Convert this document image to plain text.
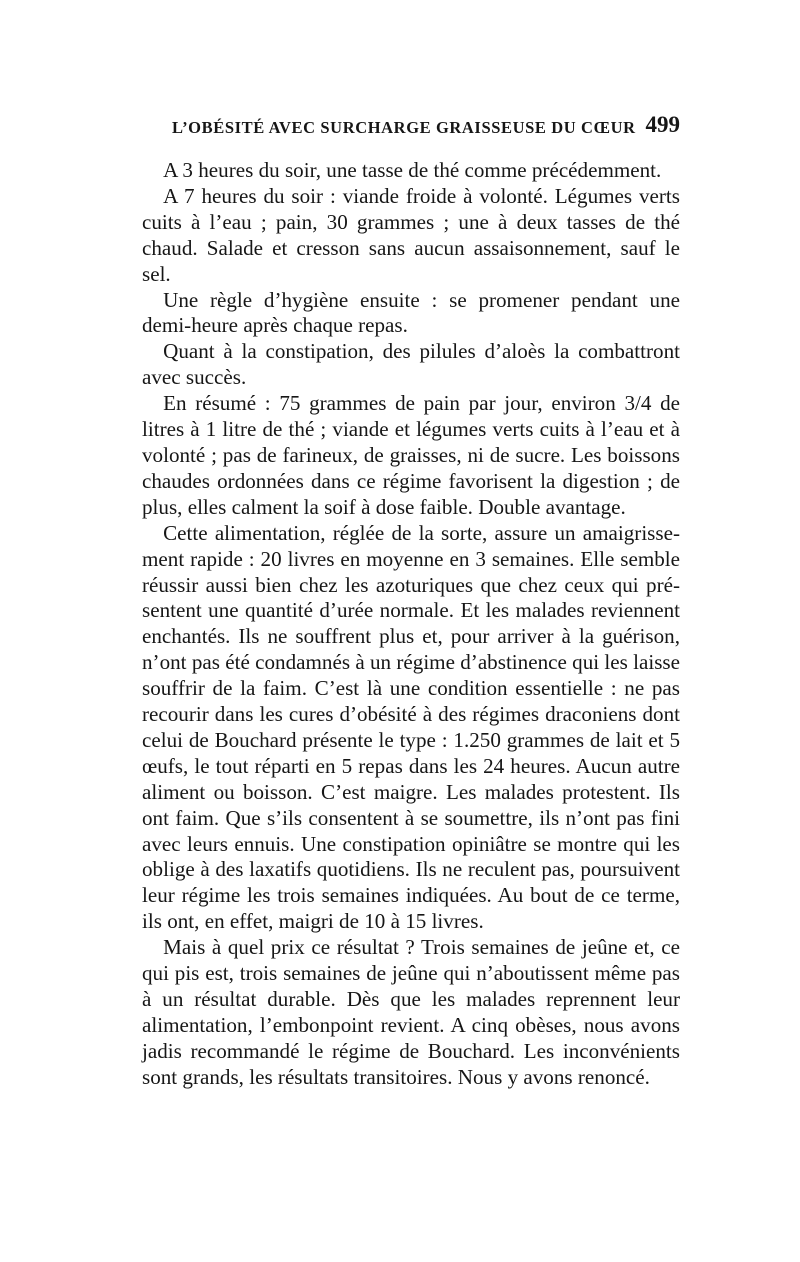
L’OBÉSITÉ AVEC SURCHARGE GRAISSEUSE DU CŒUR 499

A 3 heures du soir, une tasse de thé comme précédemment.

A 7 heures du soir : viande froide à volonté. Légumes verts cuits à l’eau ; pain, 30 grammes ; une à deux tasses de thé chaud. Salade et cresson sans aucun assaisonnement, sauf le sel.

Une règle d’hygiène ensuite : se promener pendant une demi-heure après chaque repas.

Quant à la constipation, des pilules d’aloès la combattront avec succès.

En résumé : 75 grammes de pain par jour, environ 3/4 de litres à 1 litre de thé ; viande et légumes verts cuits à l’eau et à volonté ; pas de farineux, de graisses, ni de sucre. Les boissons chaudes ordonnées dans ce régime favorisent la digestion ; de plus, elles calment la soif à dose faible. Double avantage.

Cette alimentation, réglée de la sorte, assure un amaigrissement rapide : 20 livres en moyenne en 3 semaines. Elle semble réussir aussi bien chez les azoturiques que chez ceux qui présentent une quantité d’urée normale. Et les malades reviennent enchantés. Ils ne souffrent plus et, pour arriver à la guérison, n’ont pas été condamnés à un régime d’abstinence qui les laisse souffrir de la faim. C’est là une condition essentielle : ne pas recourir dans les cures d’obésité à des régimes draconiens dont celui de Bouchard présente le type : 1.250 grammes de lait et 5 œufs, le tout réparti en 5 repas dans les 24 heures. Aucun autre aliment ou boisson. C’est maigre. Les malades protestent. Ils ont faim. Que s’ils consentent à se soumettre, ils n’ont pas fini avec leurs ennuis. Une constipation opiniâtre se montre qui les oblige à des laxatifs quotidiens. Ils ne reculent pas, poursuivent leur régime les trois semaines indiquées. Au bout de ce terme, ils ont, en effet, maigri de 10 à 15 livres.

Mais à quel prix ce résultat ? Trois semaines de jeûne et, ce qui pis est, trois semaines de jeûne qui n’aboutissent même pas à un résultat durable. Dès que les malades reprennent leur alimentation, l’embonpoint revient. A cinq obèses, nous avons jadis recommandé le régime de Bouchard. Les inconvénients sont grands, les résultats transitoires. Nous y avons renoncé.
